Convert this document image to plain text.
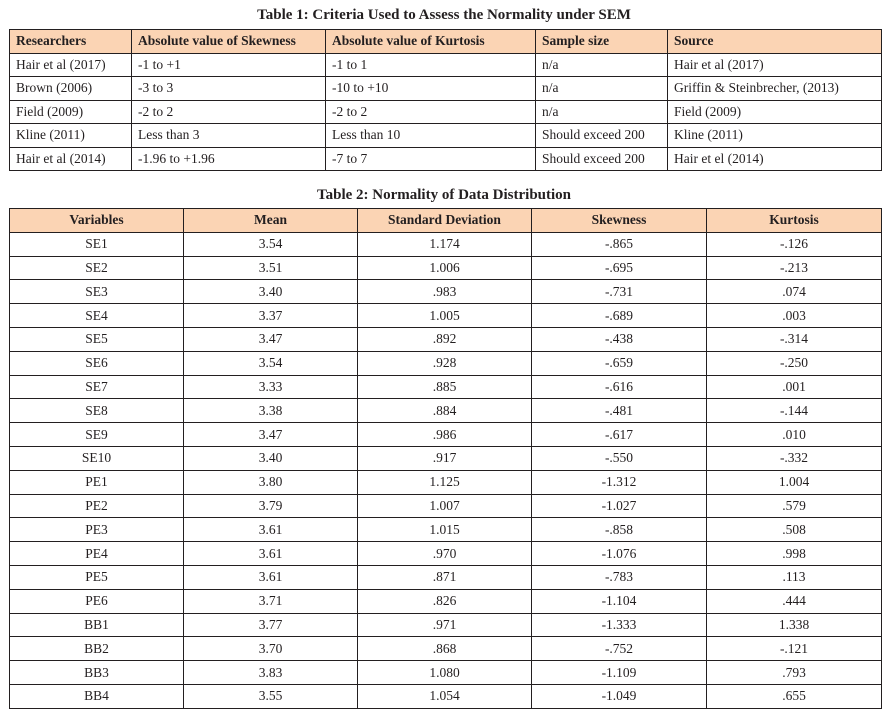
Table 1: Criteria Used to Assess the Normality under SEM
Researchers	Absolute value of Skewness	Absolute value of Kurtosis	Sample size	Source
Hair et al (2017)	-1 to +1	-1 to 1	n/a	Hair et al (2017)
Brown (2006)	-3 to 3	-10 to +10	n/a	Griffin & Steinbrecher, (2013)
Field (2009)	-2 to 2	-2 to 2	n/a	Field (2009)
Kline (2011)	Less than 3	Less than 10	Should exceed 200	Kline (2011)
Hair et al (2014)	-1.96 to +1.96	-7 to 7	Should exceed 200	Hair et el (2014)
Table 2: Normality of Data Distribution
Variables	Mean	Standard Deviation	Skewness	Kurtosis
SE1	3.54	1.174	-.865	-.126
SE2	3.51	1.006	-.695	-.213
SE3	3.40	.983	-.731	.074
SE4	3.37	1.005	-.689	.003
SE5	3.47	.892	-.438	-.314
SE6	3.54	.928	-.659	-.250
SE7	3.33	.885	-.616	.001
SE8	3.38	.884	-.481	-.144
SE9	3.47	.986	-.617	.010
SE10	3.40	.917	-.550	-.332
PE1	3.80	1.125	-1.312	1.004
PE2	3.79	1.007	-1.027	.579
PE3	3.61	1.015	-.858	.508
PE4	3.61	.970	-1.076	.998
PE5	3.61	.871	-.783	.113
PE6	3.71	.826	-1.104	.444
BB1	3.77	.971	-1.333	1.338
BB2	3.70	.868	-.752	-.121
BB3	3.83	1.080	-1.109	.793
BB4	3.55	1.054	-1.049	.655
